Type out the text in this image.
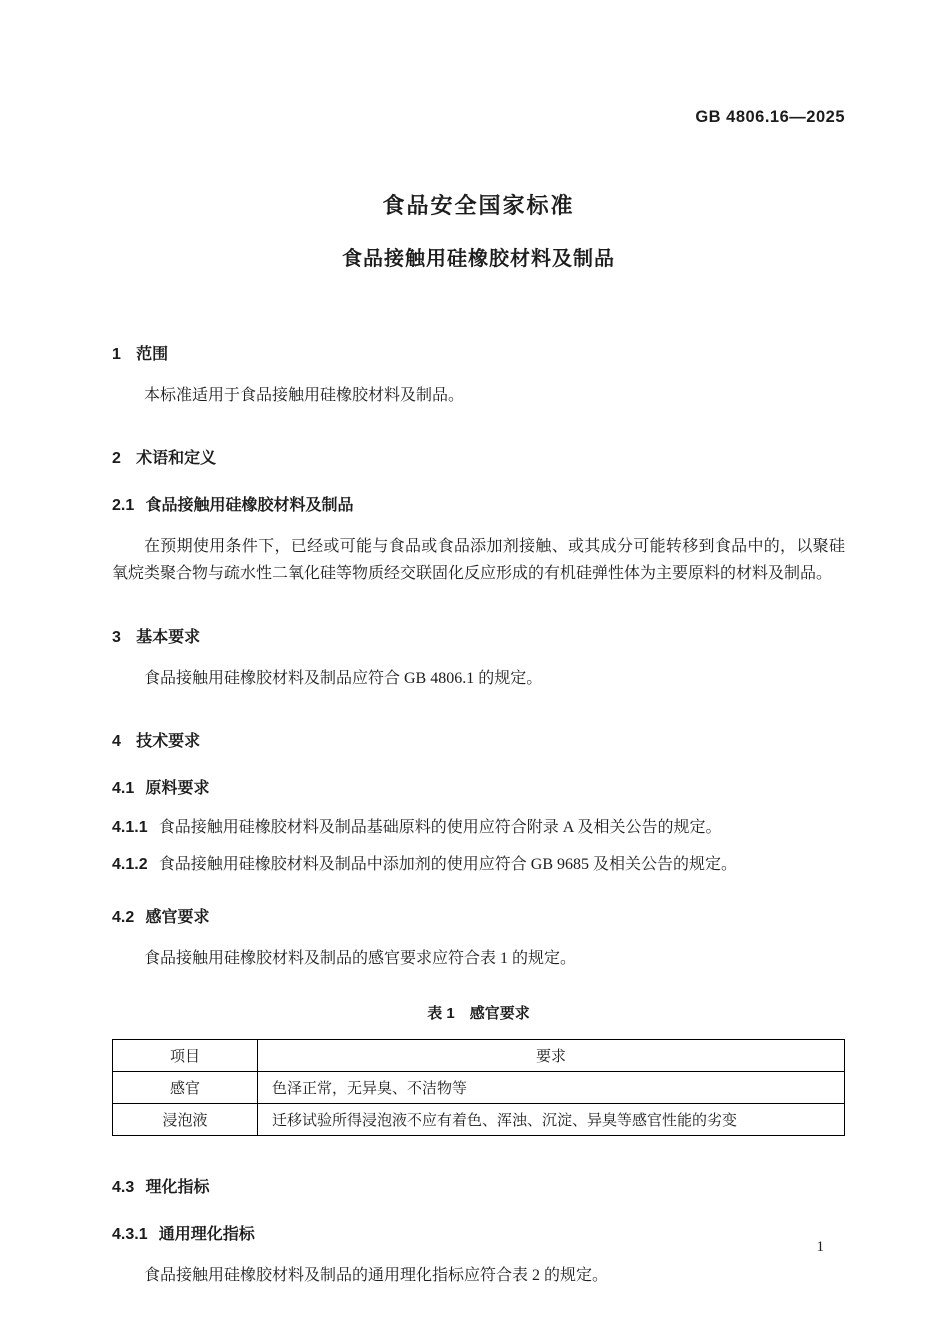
GB 4806.16—2025
食品安全国家标准
食品接触用硅橡胶材料及制品
1 范围

本标准适用于食品接触用硅橡胶材料及制品。

2 术语和定义
2.1 食品接触用硅橡胶材料及制品

在预期使用条件下，已经或可能与食品或食品添加剂接触、或其成分可能转移到食品中的，以聚硅氧烷类聚合物与疏水性二氧化硅等物质经交联固化反应形成的有机硅弹性体为主要原料的材料及制品。

3 基本要求

食品接触用硅橡胶材料及制品应符合 GB 4806.1 的规定。

4 技术要求
4.1 原料要求

4.1.1 食品接触用硅橡胶材料及制品基础原料的使用应符合附录 A 及相关公告的规定。

4.1.2 食品接触用硅橡胶材料及制品中添加剂的使用应符合 GB 9685 及相关公告的规定。

4.2 感官要求

食品接触用硅橡胶材料及制品的感官要求应符合表 1 的规定。

表 1　感官要求
项目	要求
感官	色泽正常，无异臭、不洁物等
浸泡液	迁移试验所得浸泡液不应有着色、浑浊、沉淀、异臭等感官性能的劣变
4.3 理化指标
4.3.1 通用理化指标

食品接触用硅橡胶材料及制品的通用理化指标应符合表 2 的规定。

1
